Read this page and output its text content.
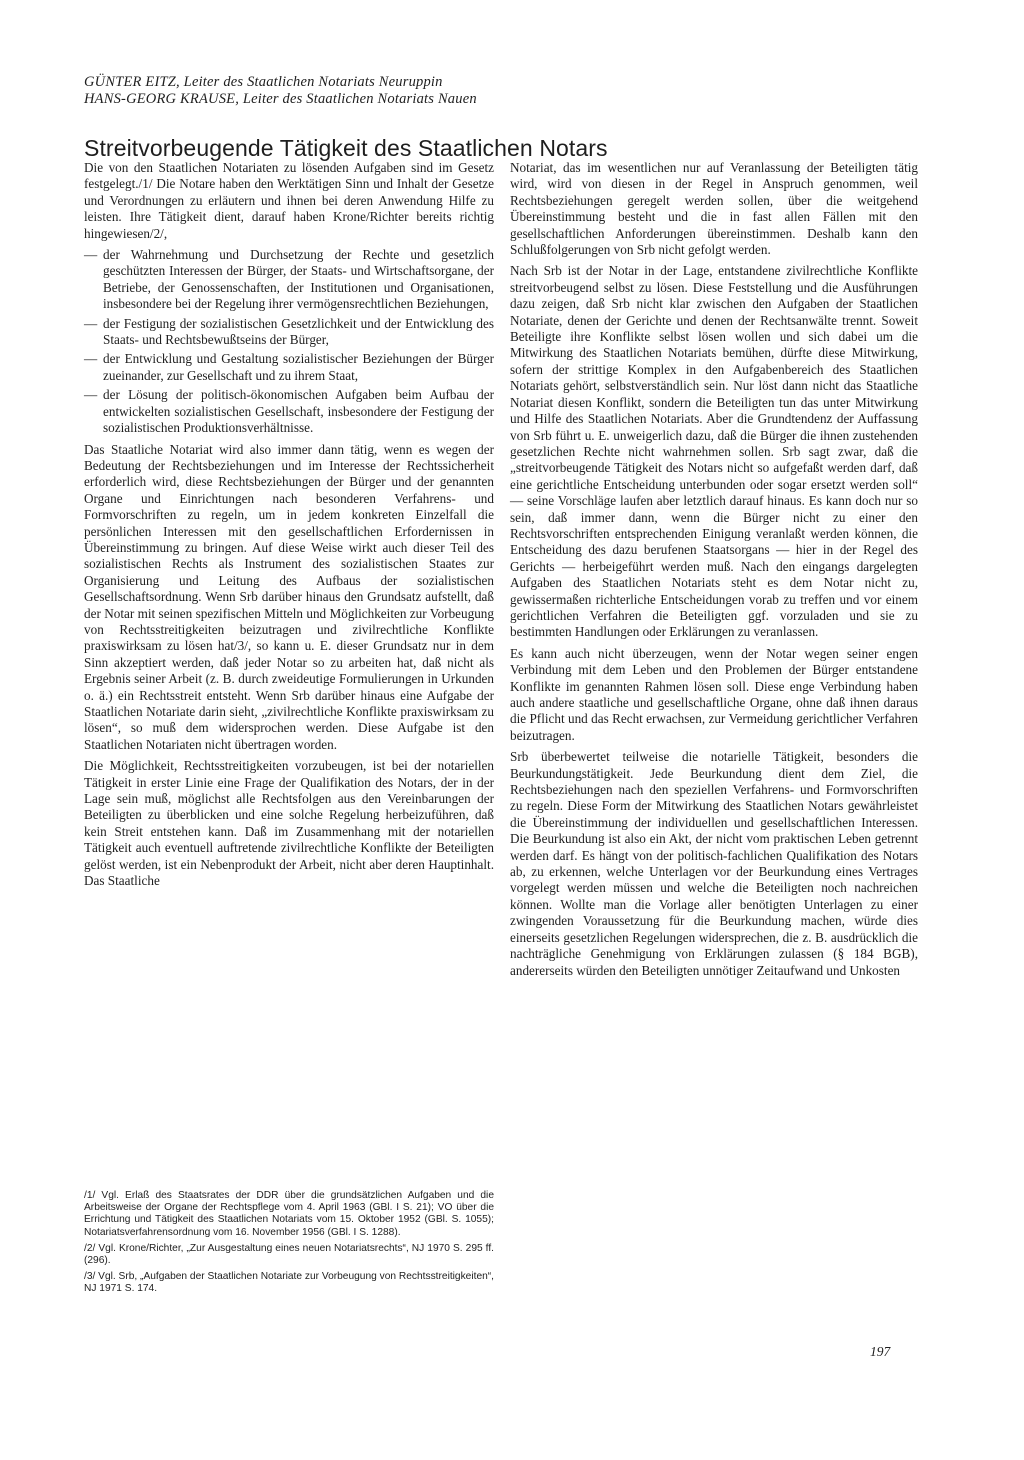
GÜNTER EITZ, Leiter des Staatlichen Notariats Neuruppin
HANS-GEORG KRAUSE, Leiter des Staatlichen Notariats Nauen
Streitvorbeugende Tätigkeit des Staatlichen Notars

Die von den Staatlichen Notariaten zu lösenden Aufgaben sind im Gesetz festgelegt./1/ Die Notare haben den Werktätigen Sinn und Inhalt der Gesetze und Verordnungen zu erläutern und ihnen bei deren Anwendung Hilfe zu leisten. Ihre Tätigkeit dient, darauf haben Krone/Richter bereits richtig hingewiesen/2/,

— der Wahrnehmung und Durchsetzung der Rechte und gesetzlich geschützten Interessen der Bürger, der Staats- und Wirtschaftsorgane, der Betriebe, der Genossenschaften, der Institutionen und Organisationen, insbesondere bei der Regelung ihrer vermögensrechtlichen Beziehungen,
— der Festigung der sozialistischen Gesetzlichkeit und der Entwicklung des Staats- und Rechtsbewußtseins der Bürger,
— der Entwicklung und Gestaltung sozialistischer Beziehungen der Bürger zueinander, zur Gesellschaft und zu ihrem Staat,
— der Lösung der politisch-ökonomischen Aufgaben beim Aufbau der entwickelten sozialistischen Gesellschaft, insbesondere der Festigung der sozialistischen Produktionsverhältnisse.

Das Staatliche Notariat wird also immer dann tätig, wenn es wegen der Bedeutung der Rechtsbeziehungen und im Interesse der Rechtssicherheit erforderlich wird, diese Rechtsbeziehungen der Bürger und der genannten Organe und Einrichtungen nach besonderen Verfahrens- und Formvorschriften zu regeln, um in jedem konkreten Einzelfall die persönlichen Interessen mit den gesellschaftlichen Erfordernissen in Übereinstimmung zu bringen. Auf diese Weise wirkt auch dieser Teil des sozialistischen Rechts als Instrument des sozialistischen Staates zur Organisierung und Leitung des Aufbaus der sozialistischen Gesellschaftsordnung. Wenn Srb darüber hinaus den Grundsatz aufstellt, daß der Notar mit seinen spezifischen Mitteln und Möglichkeiten zur Vorbeugung von Rechtsstreitigkeiten beizutragen und zivilrechtliche Konflikte praxiswirksam zu lösen hat/3/, so kann u. E. dieser Grundsatz nur in dem Sinn akzeptiert werden, daß jeder Notar so zu arbeiten hat, daß nicht als Ergebnis seiner Arbeit (z. B. durch zweideutige Formulierungen in Urkunden o. ä.) ein Rechtsstreit entsteht. Wenn Srb darüber hinaus eine Aufgabe der Staatlichen Notariate darin sieht, „zivilrechtliche Konflikte praxiswirksam zu lösen“, so muß dem widersprochen werden. Diese Aufgabe ist den Staatlichen Notariaten nicht übertragen worden.

Die Möglichkeit, Rechtsstreitigkeiten vorzubeugen, ist bei der notariellen Tätigkeit in erster Linie eine Frage der Qualifikation des Notars, der in der Lage sein muß, möglichst alle Rechtsfolgen aus den Vereinbarungen der Beteiligten zu überblicken und eine solche Regelung herbeizuführen, daß kein Streit entstehen kann. Daß im Zusammenhang mit der notariellen Tätigkeit auch eventuell auftretende zivilrechtliche Konflikte der Beteiligten gelöst werden, ist ein Nebenprodukt der Arbeit, nicht aber deren Hauptinhalt. Das Staatliche

Notariat, das im wesentlichen nur auf Veranlassung der Beteiligten tätig wird, wird von diesen in der Regel in Anspruch genommen, weil Rechtsbeziehungen geregelt werden sollen, über die weitgehend Übereinstimmung besteht und die in fast allen Fällen mit den gesellschaftlichen Anforderungen übereinstimmen. Deshalb kann den Schlußfolgerungen von Srb nicht gefolgt werden.

Nach Srb ist der Notar in der Lage, entstandene zivilrechtliche Konflikte streitvorbeugend selbst zu lösen. Diese Feststellung und die Ausführungen dazu zeigen, daß Srb nicht klar zwischen den Aufgaben der Staatlichen Notariate, denen der Gerichte und denen der Rechtsanwälte trennt. Soweit Beteiligte ihre Konflikte selbst lösen wollen und sich dabei um die Mitwirkung des Staatlichen Notariats bemühen, dürfte diese Mitwirkung, sofern der strittige Komplex in den Aufgabenbereich des Staatlichen Notariats gehört, selbstverständlich sein. Nur löst dann nicht das Staatliche Notariat diesen Konflikt, sondern die Beteiligten tun das unter Mitwirkung und Hilfe des Staatlichen Notariats. Aber die Grundtendenz der Auffassung von Srb führt u. E. unweigerlich dazu, daß die Bürger die ihnen zustehenden gesetzlichen Rechte nicht wahrnehmen sollen. Srb sagt zwar, daß die „streitvorbeugende Tätigkeit des Notars nicht so aufgefaßt werden darf, daß eine gerichtliche Entscheidung unterbunden oder sogar ersetzt werden soll“ — seine Vorschläge laufen aber letztlich darauf hinaus. Es kann doch nur so sein, daß immer dann, wenn die Bürger nicht zu einer den Rechtsvorschriften entsprechenden Einigung veranlaßt werden können, die Entscheidung des dazu berufenen Staatsorgans — hier in der Regel des Gerichts — herbeigeführt werden muß. Nach den eingangs dargelegten Aufgaben des Staatlichen Notariats steht es dem Notar nicht zu, gewissermaßen richterliche Entscheidungen vorab zu treffen und vor einem gerichtlichen Verfahren die Beteiligten ggf. vorzuladen und sie zu bestimmten Handlungen oder Erklärungen zu veranlassen.

Es kann auch nicht überzeugen, wenn der Notar wegen seiner engen Verbindung mit dem Leben und den Problemen der Bürger entstandene Konflikte im genannten Rahmen lösen soll. Diese enge Verbindung haben auch andere staatliche und gesellschaftliche Organe, ohne daß ihnen daraus die Pflicht und das Recht erwachsen, zur Vermeidung gerichtlicher Verfahren beizutragen.

Srb überbewertet teilweise die notarielle Tätigkeit, besonders die Beurkundungstätigkeit. Jede Beurkundung dient dem Ziel, die Rechtsbeziehungen nach den speziellen Verfahrens- und Formvorschriften zu regeln. Diese Form der Mitwirkung des Staatlichen Notars gewährleistet die Übereinstimmung der individuellen und gesellschaftlichen Interessen. Die Beurkundung ist also ein Akt, der nicht vom praktischen Leben getrennt werden darf. Es hängt von der politisch-fachlichen Qualifikation des Notars ab, zu erkennen, welche Unterlagen vor der Beurkundung eines Vertrages vorgelegt werden müssen und welche die Beteiligten noch nachreichen können. Wollte man die Vorlage aller benötigten Unterlagen zu einer zwingenden Voraussetzung für die Beurkundung machen, würde dies einerseits gesetzlichen Regelungen widersprechen, die z. B. ausdrücklich die nachträgliche Genehmigung von Erklärungen zulassen (§ 184 BGB), andererseits würden den Beteiligten unnötiger Zeitaufwand und Unkosten

/1/ Vgl. Erlaß des Staatsrates der DDR über die grundsätzlichen Aufgaben und die Arbeitsweise der Organe der Rechtspflege vom 4. April 1963 (GBl. I S. 21); VO über die Errichtung und Tätigkeit des Staatlichen Notariats vom 15. Oktober 1952 (GBl. S. 1055); Notariatsverfahrensordnung vom 16. November 1956 (GBl. I S. 1288).

/2/ Vgl. Krone/Richter, „Zur Ausgestaltung eines neuen Notariatsrechts“, NJ 1970 S. 295 ff. (296).

/3/ Vgl. Srb, „Aufgaben der Staatlichen Notariate zur Vorbeugung von Rechtsstreitigkeiten“, NJ 1971 S. 174.

197
